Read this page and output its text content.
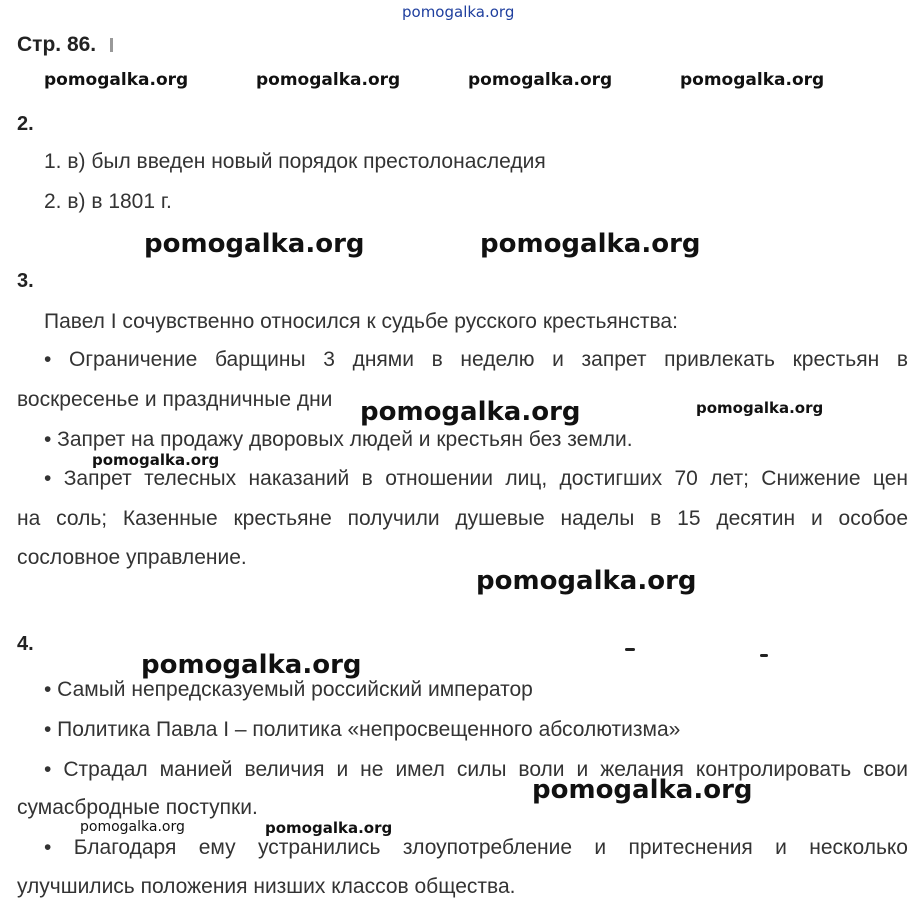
pomogalka.org
pomogalka.org	pomogalka.org	pomogalka.org	pomogalka.org
pomogalka.org	pomogalka.org
pomogalka.org	pomogalka.org
pomogalka.org
pomogalka.org
pomogalka.org
pomogalka.org
pomogalka.org	pomogalka.org
Стр. 86.
2.
1. в) был введен новый порядок престолонаследия
2. в) в 1801 г.
3.
Павел I сочувственно относился к судьбе русского крестьянства:
• Ограничение барщины 3 днями в неделю и запрет привлекать крестьян в
воскресенье и праздничные дни
• Запрет на продажу дворовых людей и крестьян без земли.
• Запрет телесных наказаний в отношении лиц, достигших 70 лет; Снижение цен
на соль; Казенные крестьяне получили душевые наделы в 15 десятин и особое
сословное управление.
4.
• Самый непредсказуемый российский император
• Политика Павла I – политика «непросвещенного абсолютизма»
• Страдал манией величия и не имел силы воли и желания контролировать свои
сумасбродные поступки.
• Благодаря ему устранились злоупотребление и притеснения и несколько
улучшились положения низших классов общества.
